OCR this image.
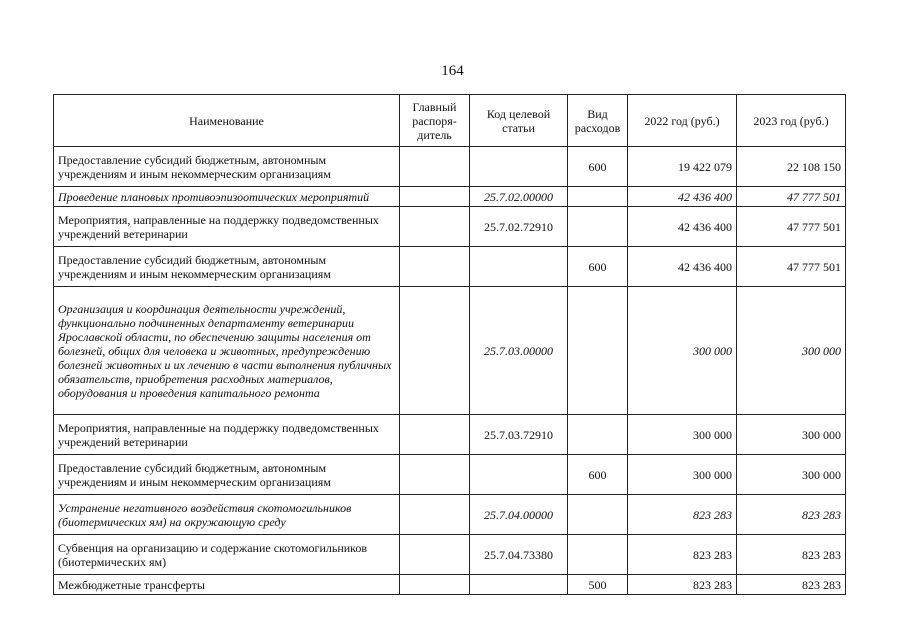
164
Наименование	Главный распоря-дитель	Код целевой статьи	Вид расходов	2022 год (руб.)	2023 год (руб.)
Предоставление субсидий бюджетным, автономным учреждениям и иным некоммерческим организациям			600	19 422 079	22 108 150
Проведение плановых противоэпизоотических мероприятий		25.7.02.00000		42 436 400	47 777 501
Мероприятия, направленные на поддержку подведомственных учреждений ветеринарии		25.7.02.72910		42 436 400	47 777 501
Предоставление субсидий бюджетным, автономным учреждениям и иным некоммерческим организациям			600	42 436 400	47 777 501
Организация и координация деятельности учреждений, функционально подчиненных департаменту ветеринарии Ярославской области, по обеспечению защиты населения от болезней, общих для человека и животных, предупреждению болезней животных и их лечению в части выполнения публичных обязательств, приобретения расходных материалов, оборудования и проведения капитального ремонта		25.7.03.00000		300 000	300 000
Мероприятия, направленные на поддержку подведомственных учреждений ветеринарии		25.7.03.72910		300 000	300 000
Предоставление субсидий бюджетным, автономным учреждениям и иным некоммерческим организациям			600	300 000	300 000
Устранение негативного воздействия скотомогильников (биотермических ям) на окружающую среду		25.7.04.00000		823 283	823 283
Субвенция на организацию и содержание скотомогильников (биотермических ям)		25.7.04.73380		823 283	823 283
Межбюджетные трансферты			500	823 283	823 283
